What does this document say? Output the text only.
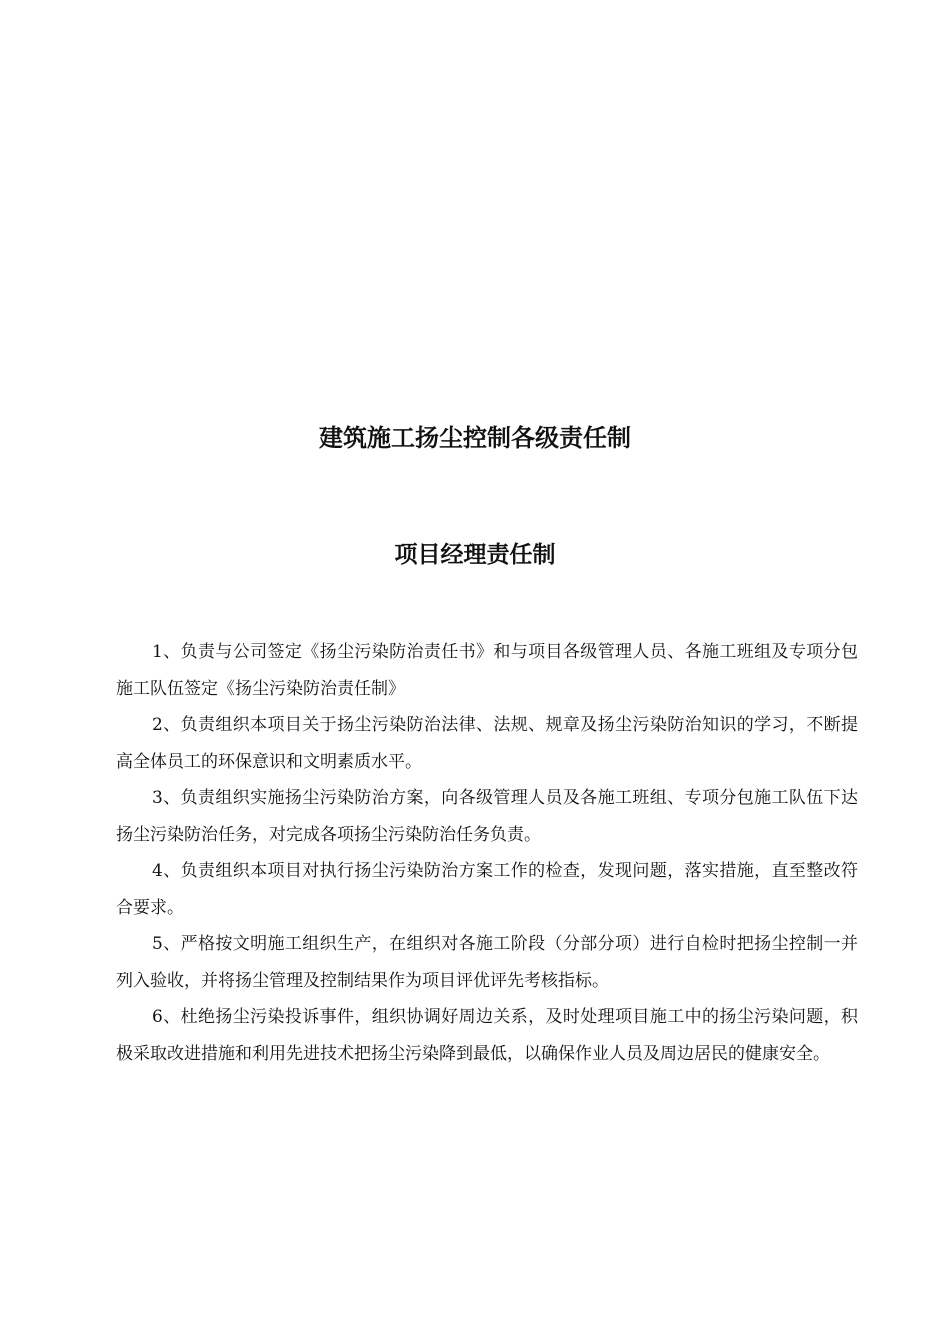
建筑施工扬尘控制各级责任制
项目经理责任制

1、负责与公司签定《扬尘污染防治责任书》和与项目各级管理人员、各施工班组及专项分包施工队伍签定《扬尘污染防治责任制》

2、负责组织本项目关于扬尘污染防治法律、法规、规章及扬尘污染防治知识的学习，不断提高全体员工的环保意识和文明素质水平。

3、负责组织实施扬尘污染防治方案，向各级管理人员及各施工班组、专项分包施工队伍下达扬尘污染防治任务，对完成各项扬尘污染防治任务负责。

4、负责组织本项目对执行扬尘污染防治方案工作的检查，发现问题，落实措施，直至整改符合要求。

5、严格按文明施工组织生产，在组织对各施工阶段（分部分项）进行自检时把扬尘控制一并列入验收，并将扬尘管理及控制结果作为项目评优评先考核指标。

6、杜绝扬尘污染投诉事件，组织协调好周边关系，及时处理项目施工中的扬尘污染问题，积极采取改进措施和利用先进技术把扬尘污染降到最低，以确保作业人员及周边居民的健康安全。
